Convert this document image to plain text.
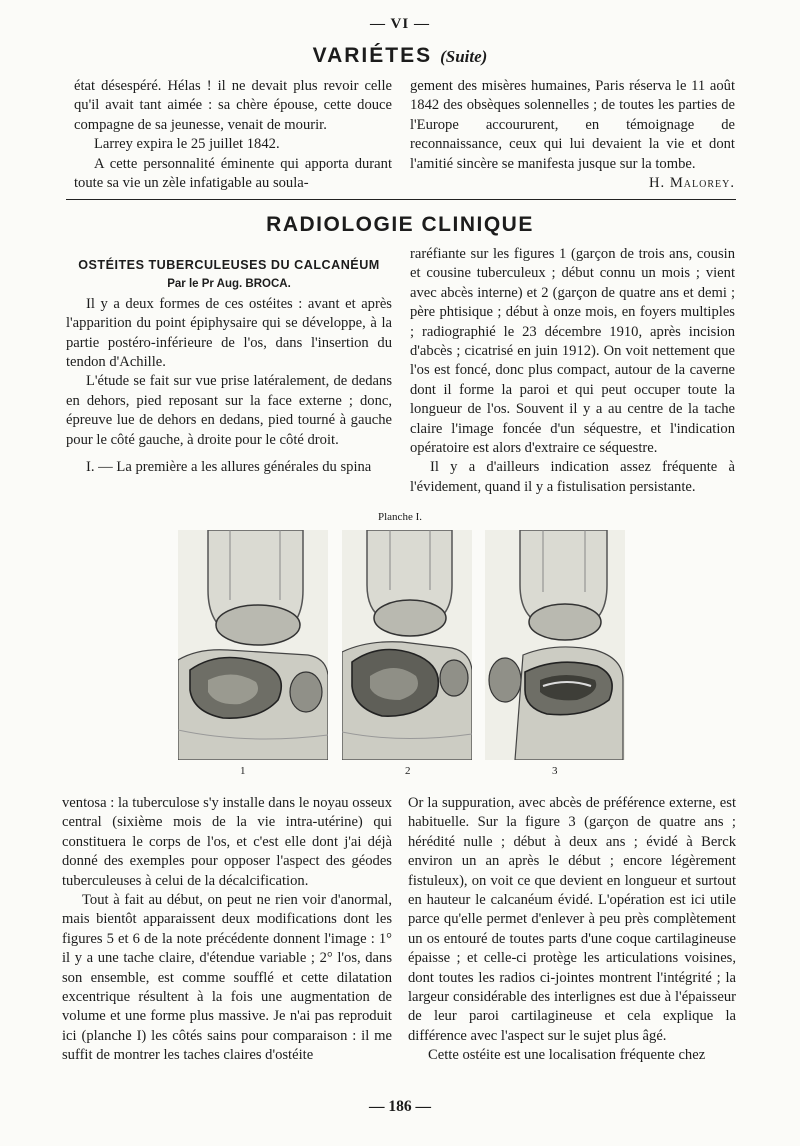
— VI —
VARIÉTES (Suite)

état désespéré. Hélas ! il ne devait plus revoir celle qu'il avait tant aimée : sa chère épouse, cette douce compagne de sa jeunesse, venait de mourir.

Larrey expira le 25 juillet 1842.

A cette personnalité éminente qui apporta durant toute sa vie un zèle infatigable au soula-

gement des misères humaines, Paris réserva le 11 août 1842 des obsèques solennelles ; de toutes les parties de l'Europe accoururent, en témoignage de reconnaissance, ceux qui lui devaient la vie et dont l'amitié sincère se manifesta jusque sur la tombe.
H. Malorey.

RADIOLOGIE CLINIQUE

OSTÉITES TUBERCULEUSES DU CALCANÉUM

Par le Pr Aug. BROCA.

Il y a deux formes de ces ostéites : avant et après l'apparition du point épiphysaire qui se développe, à la partie postéro-inférieure de l'os, dans l'insertion du tendon d'Achille.

L'étude se fait sur vue prise latéralement, de dedans en dehors, pied reposant sur la face externe ; donc, épreuve lue de dehors en dedans, pied tourné à gauche pour le côté gauche, à droite pour le côté droit.

I. — La première a les allures générales du spina

raréfiante sur les figures 1 (garçon de trois ans, cousin et cousine tuberculeux ; début connu un mois ; vient avec abcès interne) et 2 (garçon de quatre ans et demi ; père phtisique ; début à onze mois, en foyers multiples ; radiographié le 23 décembre 1910, après incision d'abcès ; cicatrisé en juin 1912). On voit nettement que l'os est foncé, donc plus compact, autour de la caverne dont il forme la paroi et qui peut occuper toute la longueur de l'os. Souvent il y a au centre de la tache claire l'image foncée d'un séquestre, et l'indication opératoire est alors d'extraire ce séquestre.

Il y a d'ailleurs indication assez fréquente à l'évidement, quand il y a fistulisation persistante.

Planche I.
1	2	3

ventosa : la tuberculose s'y installe dans le noyau osseux central (sixième mois de la vie intra-utérine) qui constituera le corps de l'os, et c'est elle dont j'ai déjà donné des exemples pour opposer l'aspect des géodes tuberculeuses à celui de la décalcification.

Tout à fait au début, on peut ne rien voir d'anormal, mais bientôt apparaissent deux modifications dont les figures 5 et 6 de la note précédente donnent l'image : 1° il y a une tache claire, d'étendue variable ; 2° l'os, dans son ensemble, est comme soufflé et cette dilatation excentrique résultent à la fois une augmentation de volume et une forme plus massive. Je n'ai pas reproduit ici (planche I) les côtés sains pour comparaison : il me suffit de montrer les taches claires d'ostéite

Or la suppuration, avec abcès de préférence externe, est habituelle. Sur la figure 3 (garçon de quatre ans ; hérédité nulle ; début à deux ans ; évidé à Berck environ un an après le début ; encore légèrement fistuleux), on voit ce que devient en longueur et surtout en hauteur le calcanéum évidé. L'opération est ici utile parce qu'elle permet d'enlever à peu près complètement un os entouré de toutes parts d'une coque cartilagineuse épaisse ; et celle-ci protège les articulations voisines, dont toutes les radios ci-jointes montrent l'intégrité ; la largeur considérable des interlignes est due à l'épaisseur de leur paroi cartilagineuse et cela explique la différence avec l'aspect sur le sujet plus âgé.

Cette ostéite est une localisation fréquente chez

— 186 —
